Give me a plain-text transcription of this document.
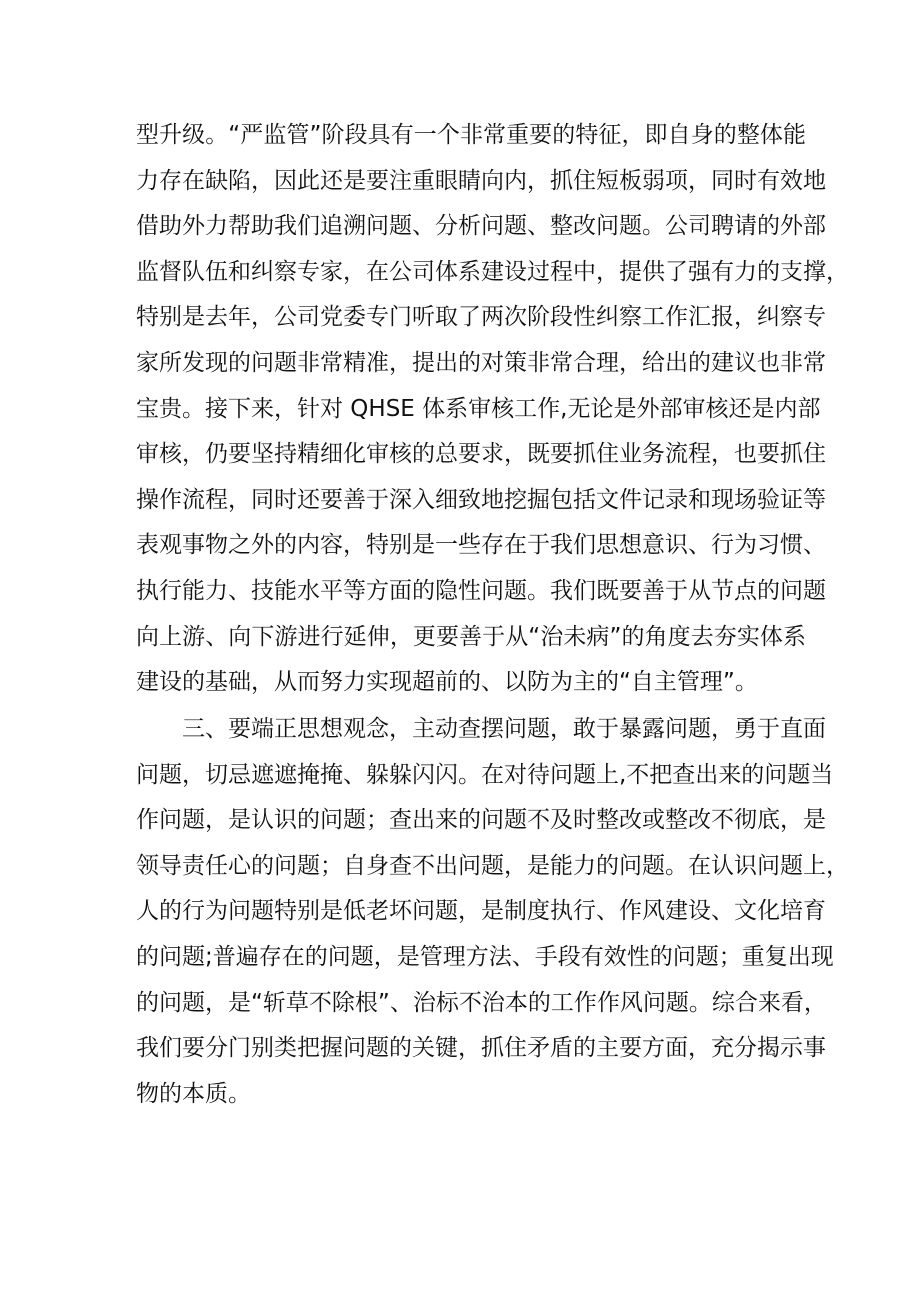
型升级。“严监管”阶段具有一个非常重要的特征，即自身的整体能
力存在缺陷，因此还是要注重眼睛向内，抓住短板弱项，同时有效地
借助外力帮助我们追溯问题、分析问题、整改问题。公司聘请的外部
监督队伍和纠察专家，在公司体系建设过程中，提供了强有力的支撑，
特别是去年，公司党委专门听取了两次阶段性纠察工作汇报，纠察专
家所发现的问题非常精准，提出的对策非常合理，给出的建议也非常
宝贵。接下来，针对 QHSE 体系审核工作,无论是外部审核还是内部
审核，仍要坚持精细化审核的总要求，既要抓住业务流程，也要抓住
操作流程，同时还要善于深入细致地挖掘包括文件记录和现场验证等
表观事物之外的内容，特别是一些存在于我们思想意识、行为习惯、
执行能力、技能水平等方面的隐性问题。我们既要善于从节点的问题
向上游、向下游进行延伸，更要善于从“治未病”的角度去夯实体系
建设的基础，从而努力实现超前的、以防为主的“自主管理”。
三、要端正思想观念，主动查摆问题，敢于暴露问题，勇于直面
问题，切忌遮遮掩掩、躲躲闪闪。在对待问题上,不把查出来的问题当
作问题，是认识的问题；查出来的问题不及时整改或整改不彻底，是
领导责任心的问题；自身查不出问题，是能力的问题。在认识问题上，
人的行为问题特别是低老坏问题，是制度执行、作风建设、文化培育
的问题;普遍存在的问题，是管理方法、手段有效性的问题；重复出现
的问题，是“斩草不除根”、治标不治本的工作作风问题。综合来看，
我们要分门别类把握问题的关键，抓住矛盾的主要方面，充分揭示事
物的本质。
